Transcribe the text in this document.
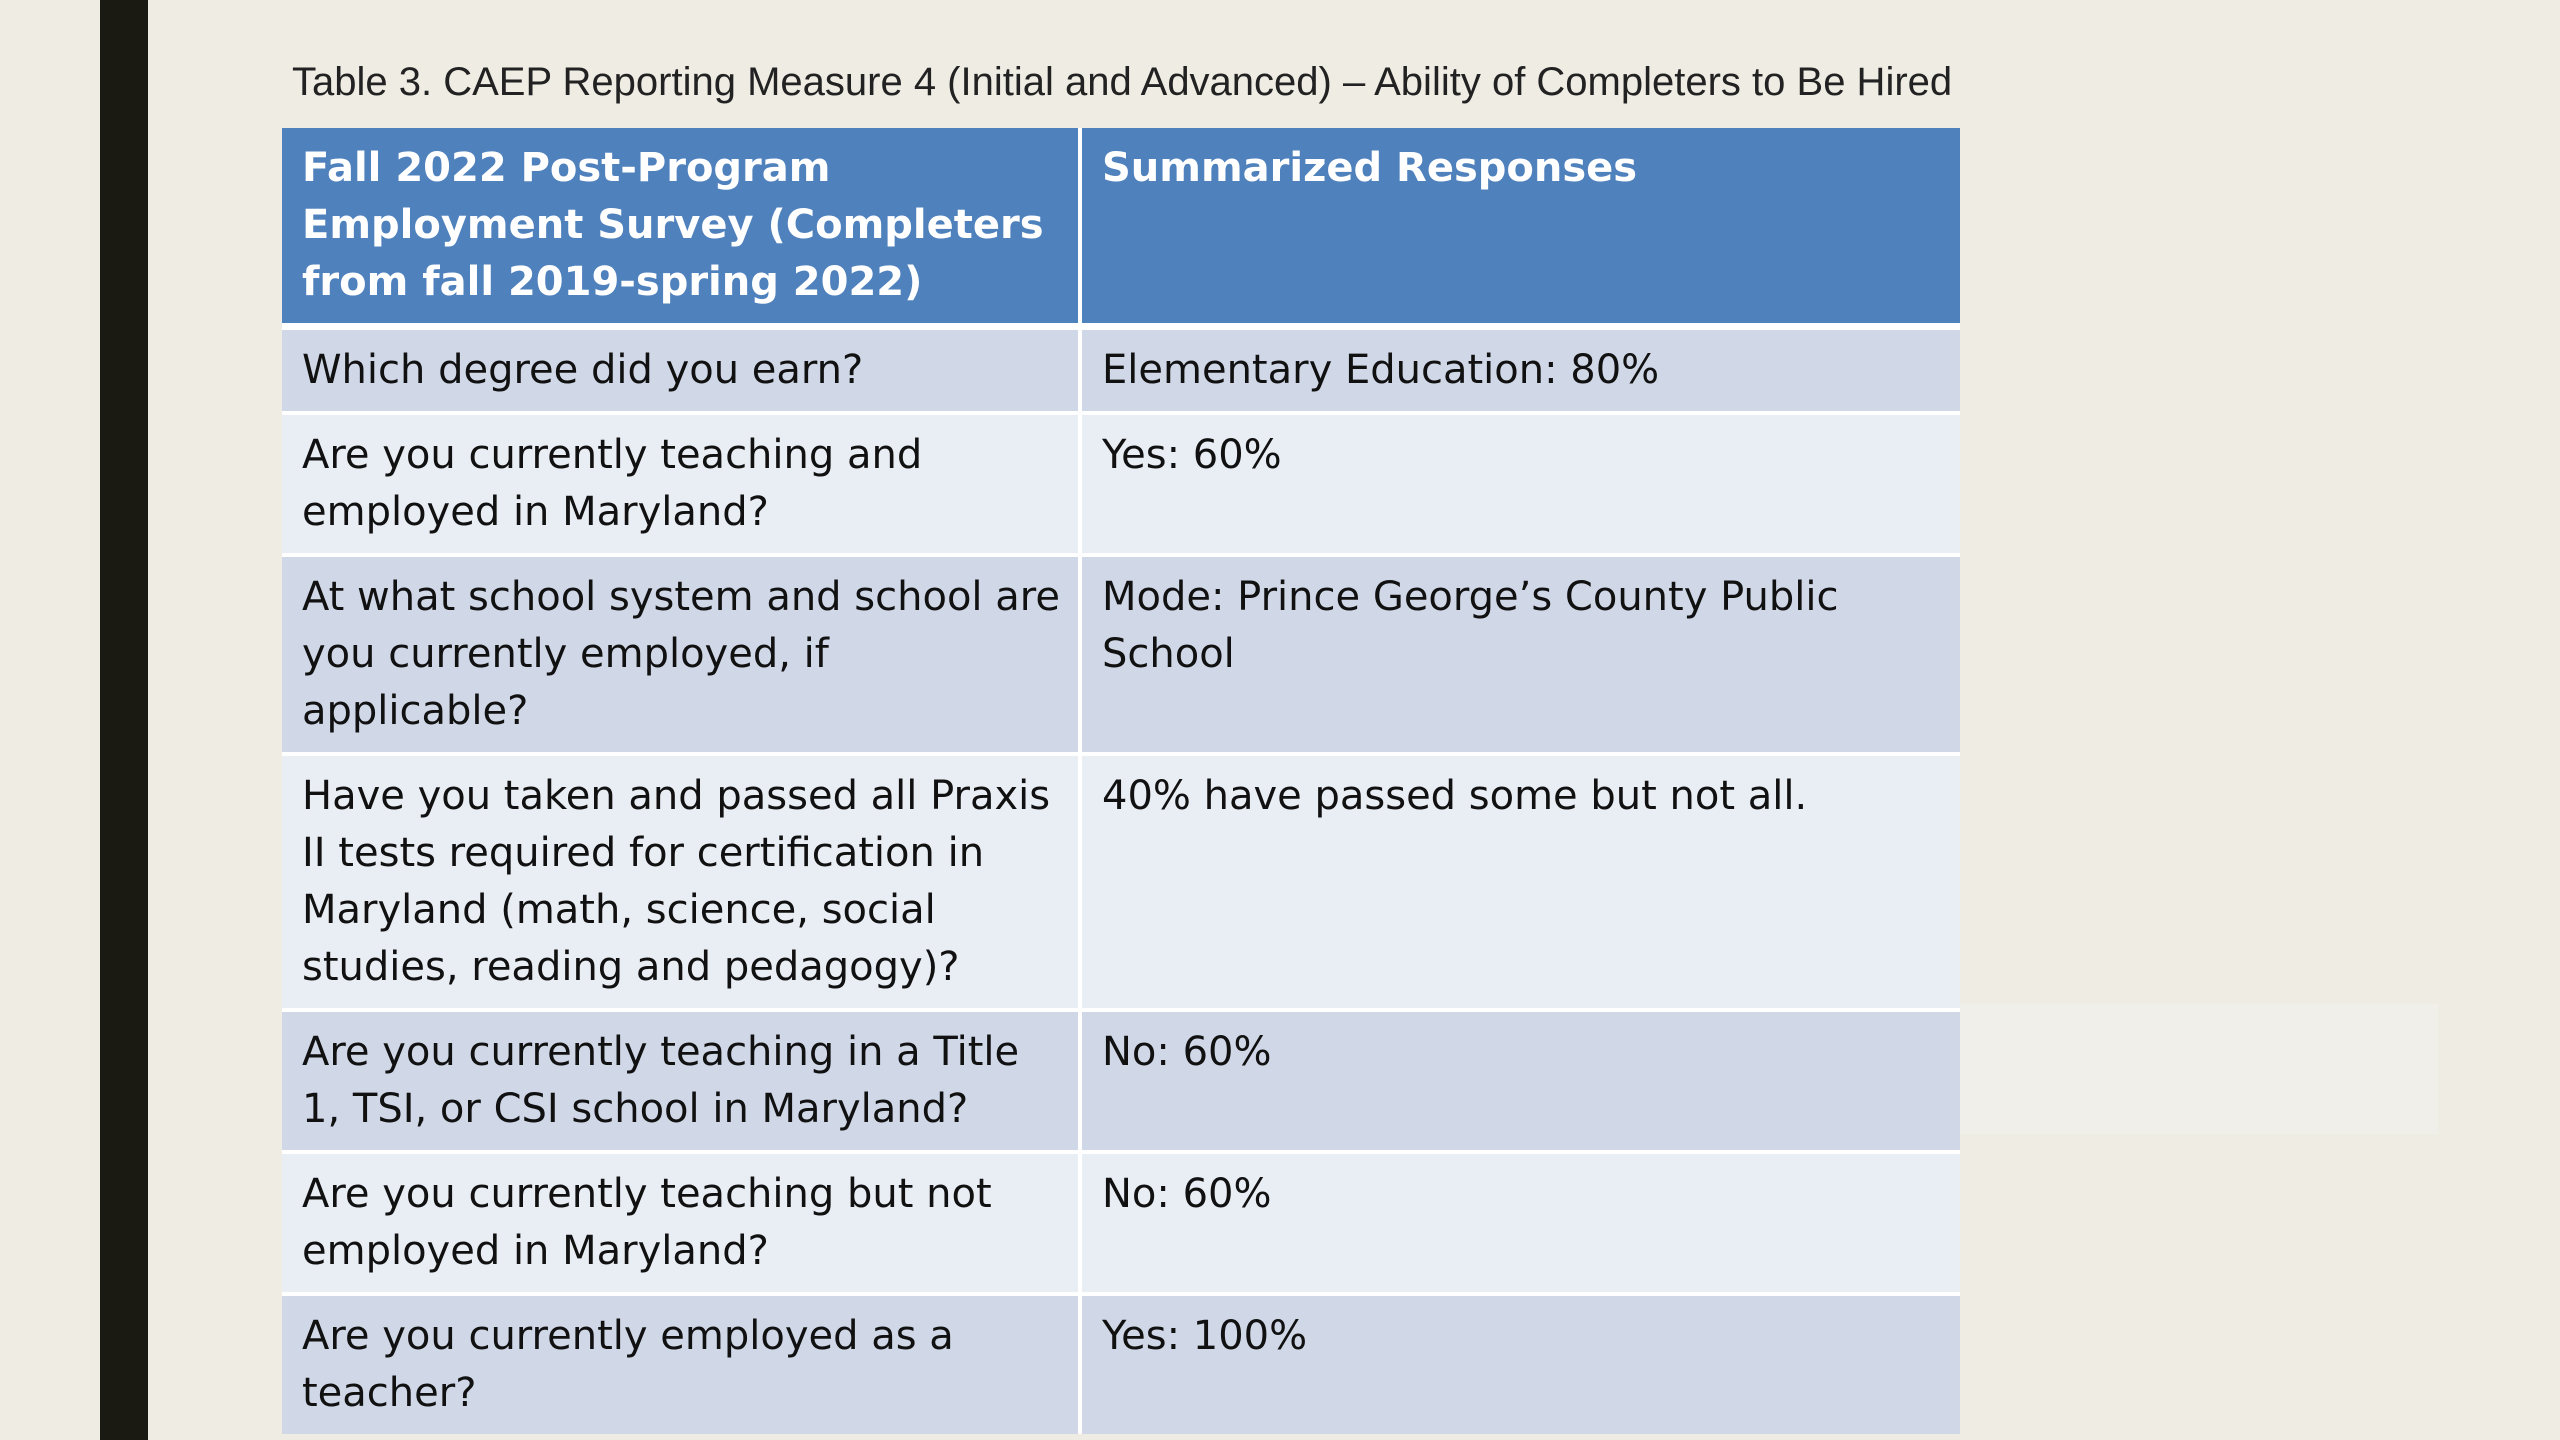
Table 3. CAEP Reporting Measure 4 (Initial and Advanced) – Ability of Completers to Be Hired
Fall 2022 Post-Program Employment Survey (Completers from fall 2019-spring 2022)	Summarized Responses
Which degree did you earn?	Elementary Education: 80%
Are you currently teaching and employed in Maryland?	Yes: 60%
At what school system and school are you currently employed, if applicable?	Mode: Prince George’s County Public School
Have you taken and passed all Praxis II tests required for certification in Maryland (math, science, social studies, reading and pedagogy)?	40% have passed some but not all.
Are you currently teaching in a Title 1, TSI, or CSI school in Maryland?	No: 60%
Are you currently teaching but not employed in Maryland?	No: 60%
Are you currently employed as a teacher?	Yes: 100%
